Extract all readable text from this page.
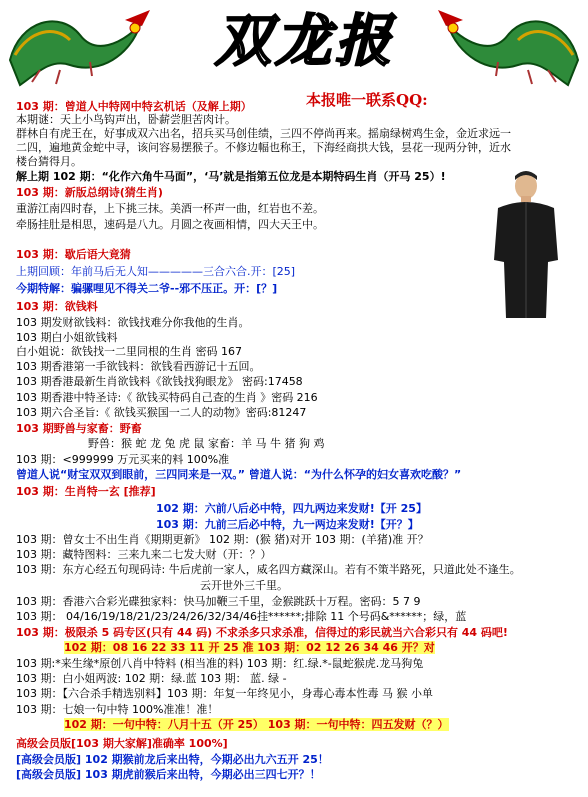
双龙报
本报唯一联系QQ:
103 期：曾道人中特网中特玄机话（及解上期）
本期谜：天上小鸟钩声出，卧薪尝胆苦肉计。
群林自有虎王在，好事成双六出名，招兵买马创佳绩，三四不停尚再来。摇扇绿树鸡生金，金近求远一
二四，遍地黄金蛇中寻，该问容易摆猴子。不修边幅也称王，下海经商拱大钱，昙花一现两分钟，近水
楼台猜得月。
解上期 102 期：“化作六角牛马面”，‘马’就是指第五位龙是本期特码生肖（开马 25）!
103 期：新版总纲诗(猜生肖)
重游江南四时春，上下挑三抹。美酒一杯声一曲，红岩也不差。
牵肠挂肚是相思，速码是八九。月圆之夜画相情，四大天王中。
103 期：歇后语大竟猜
上期回顾：年前马后无人知—————三合六合.开：[25]
今期特解：骗骡哩见不得关二爷--邪不压正。开：[？]
103 期：欲钱料
103 期发财欲钱料：欲钱找难分你我他的生肖。
103 期白小姐欲钱料
白小姐说：欲钱找一二里同根的生肖 密码 167
103 期香港第一手欲钱料：欲钱看西游记十五回。
103 期香港最新生肖欲钱料《欲钱找狗眼龙》 密码:17458
103 期香港中特圣诗:《 欲钱买特码自己查的生肖 》密码 216
103 期六合圣旨:《 欲钱买猴国一二人的动物》密码:81247
103 期野兽与家畜：野畜
野兽：猴 蛇 龙 兔 虎 鼠 家畜：羊 马 牛 猪 狗 鸡
103 期：<999999 万元买来的料 100%准
曾道人说“财宝双双到眼前，三四同来是一双。” 曾道人说：“为什么怀孕的妇女喜欢吃酸？”
103 期：生肖特一玄 [推荐]
102 期：六前八后必中特，四九两边来发财!【开 25】
103 期：九前三后必中特，九一两边来发财!【开？】
103 期：曾女士不出生肖《期期更新》 102 期：(猴 猪)对开 103 期：(羊猪)准 开？
103 期：藏特图料：三来九来二七发大财（开：？）
103 期：东方心经五句现码诗: 牛后虎前一家人，威名四方藏深山。若有不策半路死，只道此处不逢生。
云开世外三千里。
103 期：香港六合彩光碟独家料：快马加鞭三千里，金猴跳跃十万程。密码：5 7 9
103 期： 04/16/19/18/21/23/24/26/32/34/46挂******;排除 11 个号码&******；绿，蓝
103 期：极限杀 5 码专区(只有 44 码) 不求杀多只求杀准，信得过的彩民就当六合彩只有 44 码吧!
102 期：08 16 22 33 11 开 25 准 103 期：02 12 26 34 46 开？对
103 期:*来生缘*原创八肖中特料 (相当准的料) 103 期：红.绿.*-鼠蛇猴虎.龙马狗兔
103 期：白小姐两波: 102 期：绿.蓝 103 期： 蓝. 绿 -
103 期：【六合杀手精选别料】103 期：年复一年终见小，身毒心毒本性毒 马 猴 小单
103 期：七娘一句中特 100%准准！准！
102 期：一句中特：八月十五（开 25） 103 期：一句中特：四五发财（？）
高级会员版[103 期大家解]准确率 100%]
[高级会员版] 102 期猴前龙后来出特，今期必出九六五开 25！
[高级会员版] 103 期虎前猴后来出特，今期必出三四七开？！
